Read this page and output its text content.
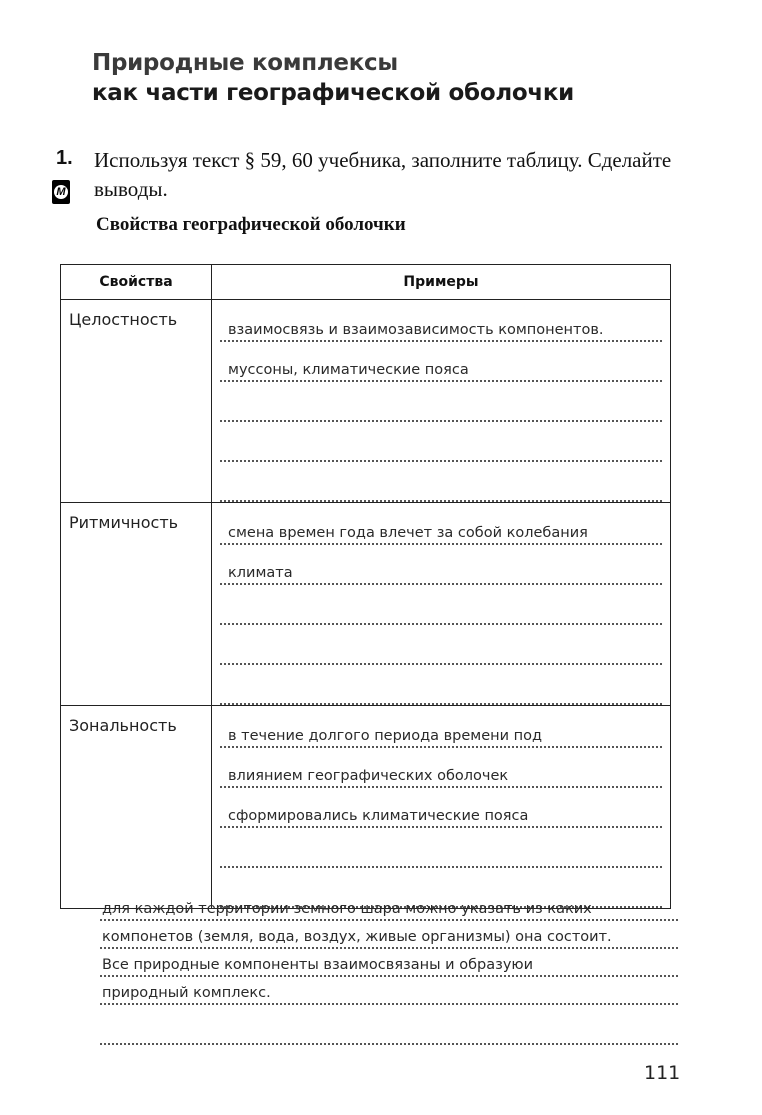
Природные комплексы
как части географической оболочки
1. Используя текст § 59, 60 учебника, заполните таблицу. Сделайте выводы.
M
Свойства географической оболочки
Свойства	Примеры
Целостность	взаимосвязь и взаимозависимость компонентов.
муссоны, климатические пояса

Ритмичность	смена времен года влечет за собой колебания
климата

Зональность	в течение долгого периода времени под
влиянием географических оболочек
сформировались климатические пояса
для каждой территории земного шара можно указать из каких
компонетов (земля, вода, воздух, живые организмы) она состоит.
Все природные компоненты взаимосвязаны и образуюи
природный комплекс.
111
